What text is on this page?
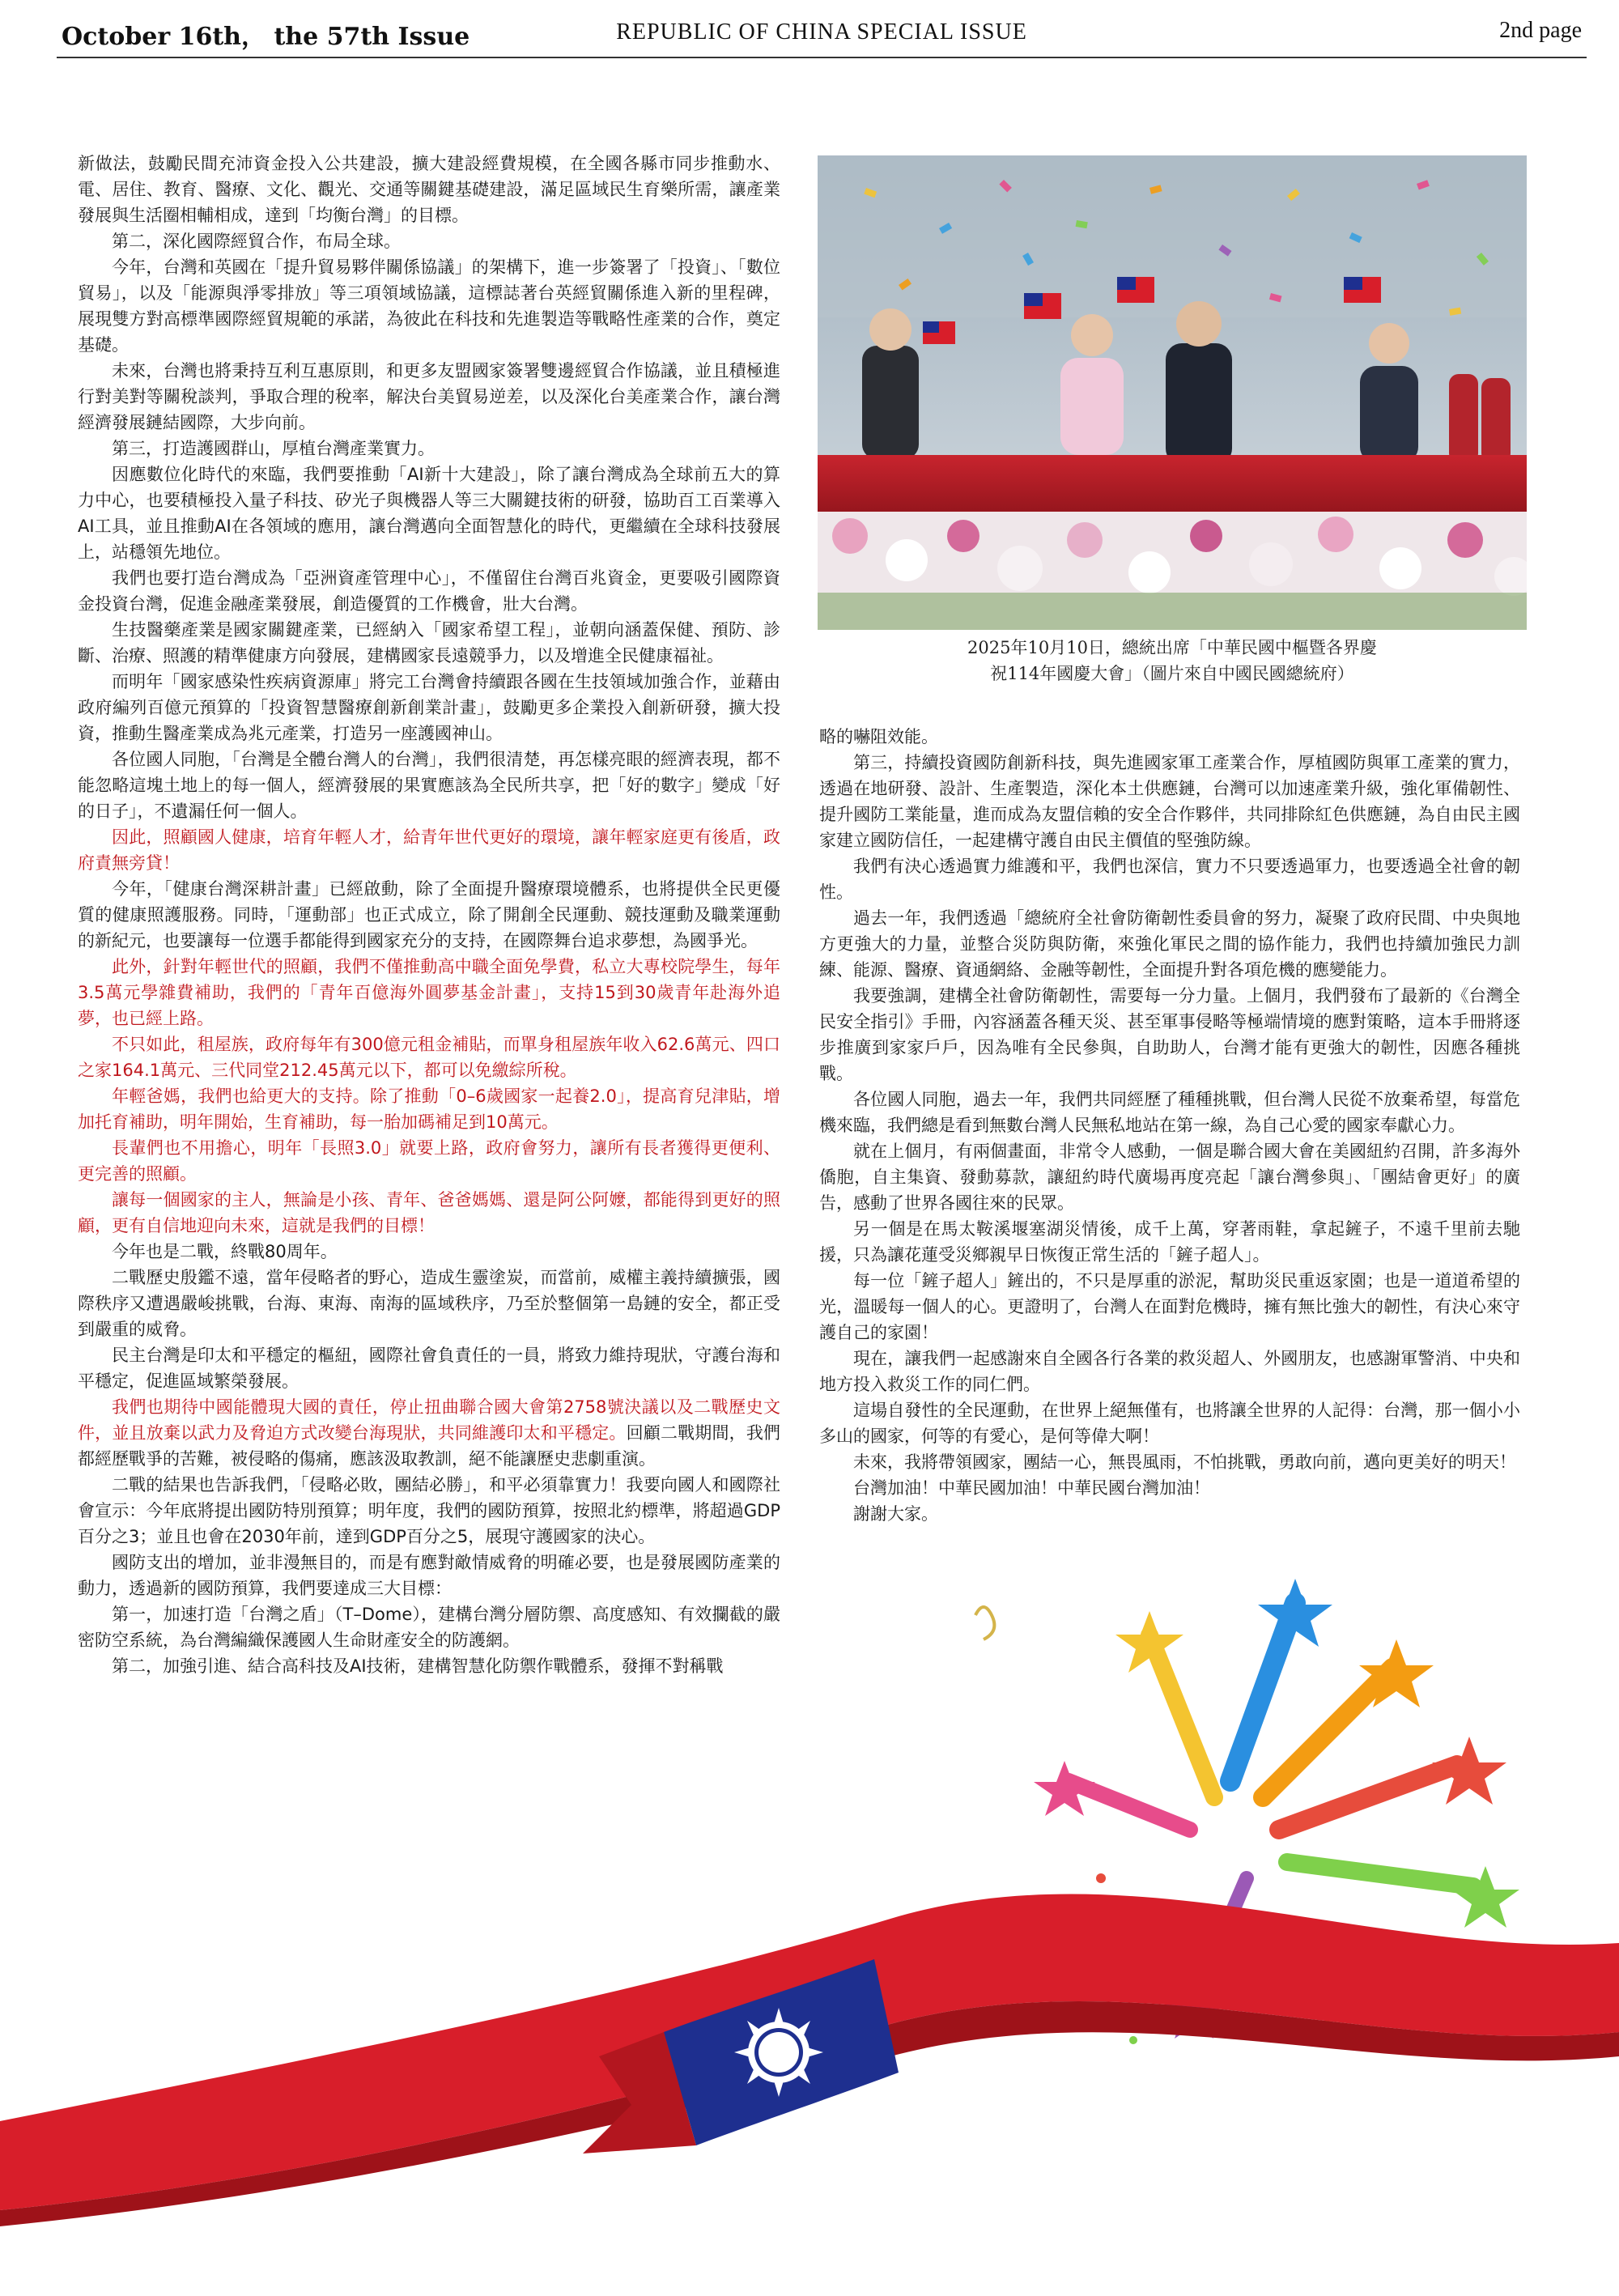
October 16th， the 57th Issue	REPUBLIC OF CHINA SPECIAL ISSUE	2nd page

新做法，鼓勵民間充沛資金投入公共建設，擴大建設經費規模，在全國各縣市同步推動水、電、居住、教育、醫療、文化、觀光、交通等關鍵基礎建設，滿足區域民生育樂所需，讓產業發展與生活圈相輔相成，達到「均衡台灣」的目標。

第二，深化國際經貿合作，布局全球。

今年，台灣和英國在「提升貿易夥伴關係協議」的架構下，進一步簽署了「投資」、「數位貿易」，以及「能源與淨零排放」等三項領域協議，這標誌著台英經貿關係進入新的里程碑，展現雙方對高標準國際經貿規範的承諾，為彼此在科技和先進製造等戰略性產業的合作，奠定基礎。

未來，台灣也將秉持互利互惠原則，和更多友盟國家簽署雙邊經貿合作協議，並且積極進行對美對等關稅談判，爭取合理的稅率，解決台美貿易逆差，以及深化台美產業合作，讓台灣經濟發展鏈結國際，大步向前。

第三，打造護國群山，厚植台灣產業實力。

因應數位化時代的來臨，我們要推動「AI新十大建設」，除了讓台灣成為全球前五大的算力中心，也要積極投入量子科技、矽光子與機器人等三大關鍵技術的研發，協助百工百業導入AI工具，並且推動AI在各領域的應用，讓台灣邁向全面智慧化的時代，更繼續在全球科技發展上，站穩領先地位。

我們也要打造台灣成為「亞洲資產管理中心」，不僅留住台灣百兆資金，更要吸引國際資金投資台灣，促進金融產業發展，創造優質的工作機會，壯大台灣。

生技醫藥產業是國家關鍵產業，已經納入「國家希望工程」，並朝向涵蓋保健、預防、診斷、治療、照護的精準健康方向發展，建構國家長遠競爭力，以及增進全民健康福祉。

而明年「國家感染性疾病資源庫」將完工台灣會持續跟各國在生技領域加強合作，並藉由政府編列百億元預算的「投資智慧醫療創新創業計畫」，鼓勵更多企業投入創新研發，擴大投資，推動生醫產業成為兆元產業，打造另一座護國神山。

各位國人同胞，「台灣是全體台灣人的台灣」，我們很清楚，再怎樣亮眼的經濟表現，都不能忽略這塊土地上的每一個人，經濟發展的果實應該為全民所共享，把「好的數字」變成「好的日子」，不遺漏任何一個人。

因此，照顧國人健康，培育年輕人才，給青年世代更好的環境，讓年輕家庭更有後盾，政府責無旁貸！

今年，「健康台灣深耕計畫」已經啟動，除了全面提升醫療環境體系，也將提供全民更優質的健康照護服務。同時，「運動部」也正式成立，除了開創全民運動、競技運動及職業運動的新紀元，也要讓每一位選手都能得到國家充分的支持，在國際舞台追求夢想，為國爭光。

此外，針對年輕世代的照顧，我們不僅推動高中職全面免學費，私立大專校院學生，每年3.5萬元學雜費補助，我們的「青年百億海外圓夢基金計畫」，支持15到30歲青年赴海外追夢，也已經上路。

不只如此，租屋族，政府每年有300億元租金補貼，而單身租屋族年收入62.6萬元、四口之家164.1萬元、三代同堂212.45萬元以下，都可以免繳綜所稅。

年輕爸媽，我們也給更大的支持。除了推動「0–6歲國家一起養2.0」，提高育兒津貼，增加托育補助，明年開始，生育補助，每一胎加碼補足到10萬元。

長輩們也不用擔心，明年「長照3.0」就要上路，政府會努力，讓所有長者獲得更便利、更完善的照顧。

讓每一個國家的主人，無論是小孩、青年、爸爸媽媽、還是阿公阿嬤，都能得到更好的照顧，更有自信地迎向未來，這就是我們的目標！

今年也是二戰，終戰80周年。

二戰歷史殷鑑不遠，當年侵略者的野心，造成生靈塗炭，而當前，威權主義持續擴張，國際秩序又遭遇嚴峻挑戰，台海、東海、南海的區域秩序，乃至於整個第一島鏈的安全，都正受到嚴重的威脅。

民主台灣是印太和平穩定的樞紐，國際社會負責任的一員，將致力維持現狀，守護台海和平穩定，促進區域繁榮發展。

我們也期待中國能體現大國的責任，停止扭曲聯合國大會第2758號決議以及二戰歷史文件，並且放棄以武力及脅迫方式改變台海現狀，共同維護印太和平穩定。回顧二戰期間，我們都經歷戰爭的苦難，被侵略的傷痛，應該汲取教訓，絕不能讓歷史悲劇重演。

二戰的結果也告訴我們，「侵略必敗，團結必勝」，和平必須靠實力！我要向國人和國際社會宣示：今年底將提出國防特別預算；明年度，我們的國防預算，按照北約標準，將超過GDP百分之3；並且也會在2030年前，達到GDP百分之5，展現守護國家的決心。

國防支出的增加，並非漫無目的，而是有應對敵情威脅的明確必要，也是發展國防產業的動力，透過新的國防預算，我們要達成三大目標：

第一，加速打造「台灣之盾」（T–Dome），建構台灣分層防禦、高度感知、有效攔截的嚴密防空系統，為台灣編織保護國人生命財產安全的防護網。

第二，加強引進、結合高科技及AI技術，建構智慧化防禦作戰體系，發揮不對稱戰

2025年10月10日，總統出席「中華民國中樞暨各界慶
祝114年國慶大會」（圖片來自中國民國總統府）

略的嚇阻效能。

第三，持續投資國防創新科技，與先進國家軍工產業合作，厚植國防與軍工產業的實力，透過在地研發、設計、生產製造，深化本土供應鏈，台灣可以加速產業升級，強化軍備韌性、提升國防工業能量，進而成為友盟信賴的安全合作夥伴，共同排除紅色供應鏈，為自由民主國家建立國防信任，一起建構守護自由民主價值的堅強防線。

我們有決心透過實力維護和平，我們也深信，實力不只要透過軍力，也要透過全社會的韌性。

過去一年，我們透過「總統府全社會防衛韌性委員會的努力，凝聚了政府民間、中央與地方更強大的力量，並整合災防與防衛，來強化軍民之間的協作能力，我們也持續加強民力訓練、能源、醫療、資通網絡、金融等韌性，全面提升對各項危機的應變能力。

我要強調，建構全社會防衛韌性，需要每一分力量。上個月，我們發布了最新的《台灣全民安全指引》手冊，內容涵蓋各種天災、甚至軍事侵略等極端情境的應對策略，這本手冊將逐步推廣到家家戶戶，因為唯有全民參與，自助助人，台灣才能有更強大的韌性，因應各種挑戰。

各位國人同胞，過去一年，我們共同經歷了種種挑戰，但台灣人民從不放棄希望，每當危機來臨，我們總是看到無數台灣人民無私地站在第一線，為自己心愛的國家奉獻心力。

就在上個月，有兩個畫面，非常令人感動，一個是聯合國大會在美國紐約召開，許多海外僑胞，自主集資、發動募款，讓紐約時代廣場再度亮起「讓台灣參與」、「團結會更好」的廣告，感動了世界各國往來的民眾。

另一個是在馬太鞍溪堰塞湖災情後，成千上萬，穿著雨鞋，拿起鏟子，不遠千里前去馳援，只為讓花蓮受災鄉親早日恢復正常生活的「鏟子超人」。

每一位「鏟子超人」鏟出的，不只是厚重的淤泥，幫助災民重返家園；也是一道道希望的光，溫暖每一個人的心。更證明了，台灣人在面對危機時，擁有無比強大的韌性，有決心來守護自己的家園！

現在，讓我們一起感謝來自全國各行各業的救災超人、外國朋友，也感謝軍警消、中央和地方投入救災工作的同仁們。

這場自發性的全民運動，在世界上絕無僅有，也將讓全世界的人記得：台灣，那一個小小多山的國家，何等的有愛心，是何等偉大啊！

未來，我將帶領國家，團結一心，無畏風雨，不怕挑戰，勇敢向前，邁向更美好的明天！

台灣加油！中華民國加油！中華民國台灣加油！

謝謝大家。
